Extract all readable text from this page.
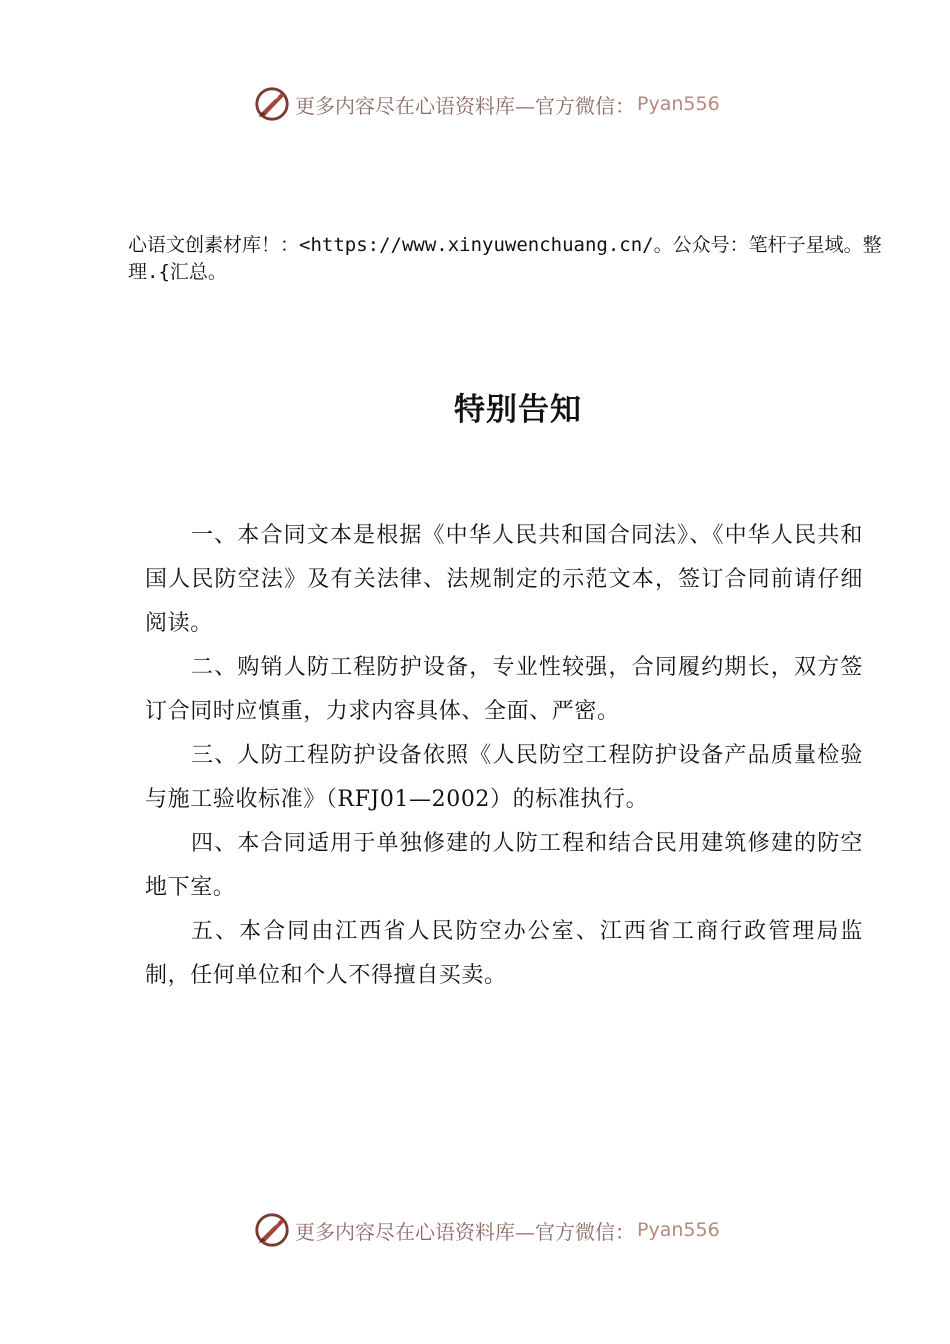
更多内容尽在心语资料库—官方微信： Pyan556
心语文创素材库！：<https://www.xinyuwenchuang.cn/。公众号：笔杆子星域。整理.{汇总。
特别告知

一、本合同文本是根据《中华人民共和国合同法》、《中华人民共和国人民防空法》及有关法律、法规制定的示范文本，签订合同前请仔细阅读。

二、购销人防工程防护设备，专业性较强，合同履约期长，双方签订合同时应慎重，力求内容具体、全面、严密。

三、人防工程防护设备依照《人民防空工程防护设备产品质量检验与施工验收标准》（RFJ01—2002）的标准执行。

四、本合同适用于单独修建的人防工程和结合民用建筑修建的防空地下室。

五、本合同由江西省人民防空办公室、江西省工商行政管理局监制，任何单位和个人不得擅自买卖。

更多内容尽在心语资料库—官方微信： Pyan556
